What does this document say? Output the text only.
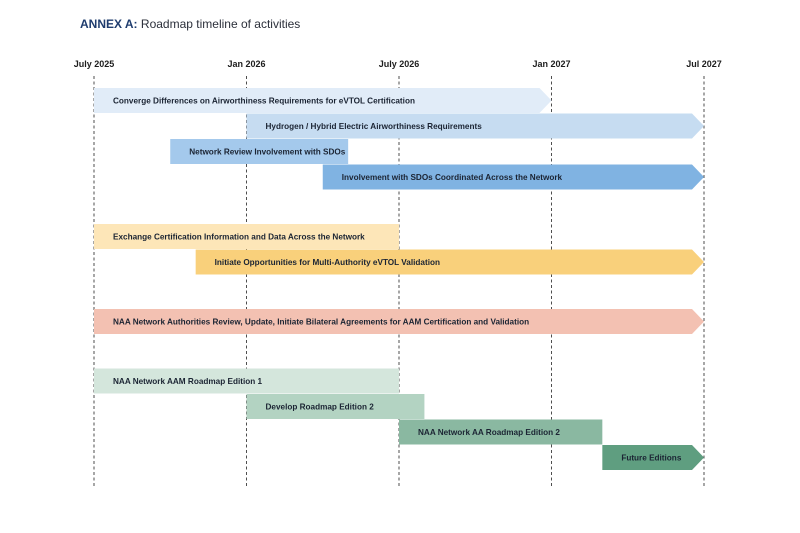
ANNEX A: Roadmap timeline of activities
July 2025	Jan 2026	July 2026	Jan 2027	Jul 2027
Converge Differences on Airworthiness Requirements for eVTOL Certification
Hydrogen / Hybrid Electric Airworthiness Requirements
Network Review Involvement with SDOs
Involvement with SDOs Coordinated Across the Network
Exchange Certification Information and Data Across the Network
Initiate Opportunities for Multi-Authority eVTOL Validation
NAA Network Authorities Review, Update, Initiate Bilateral Agreements for AAM Certification and Validation
NAA Network AAM Roadmap Edition 1
Develop Roadmap Edition 2
NAA Network AA Roadmap Edition 2
Future Editions
